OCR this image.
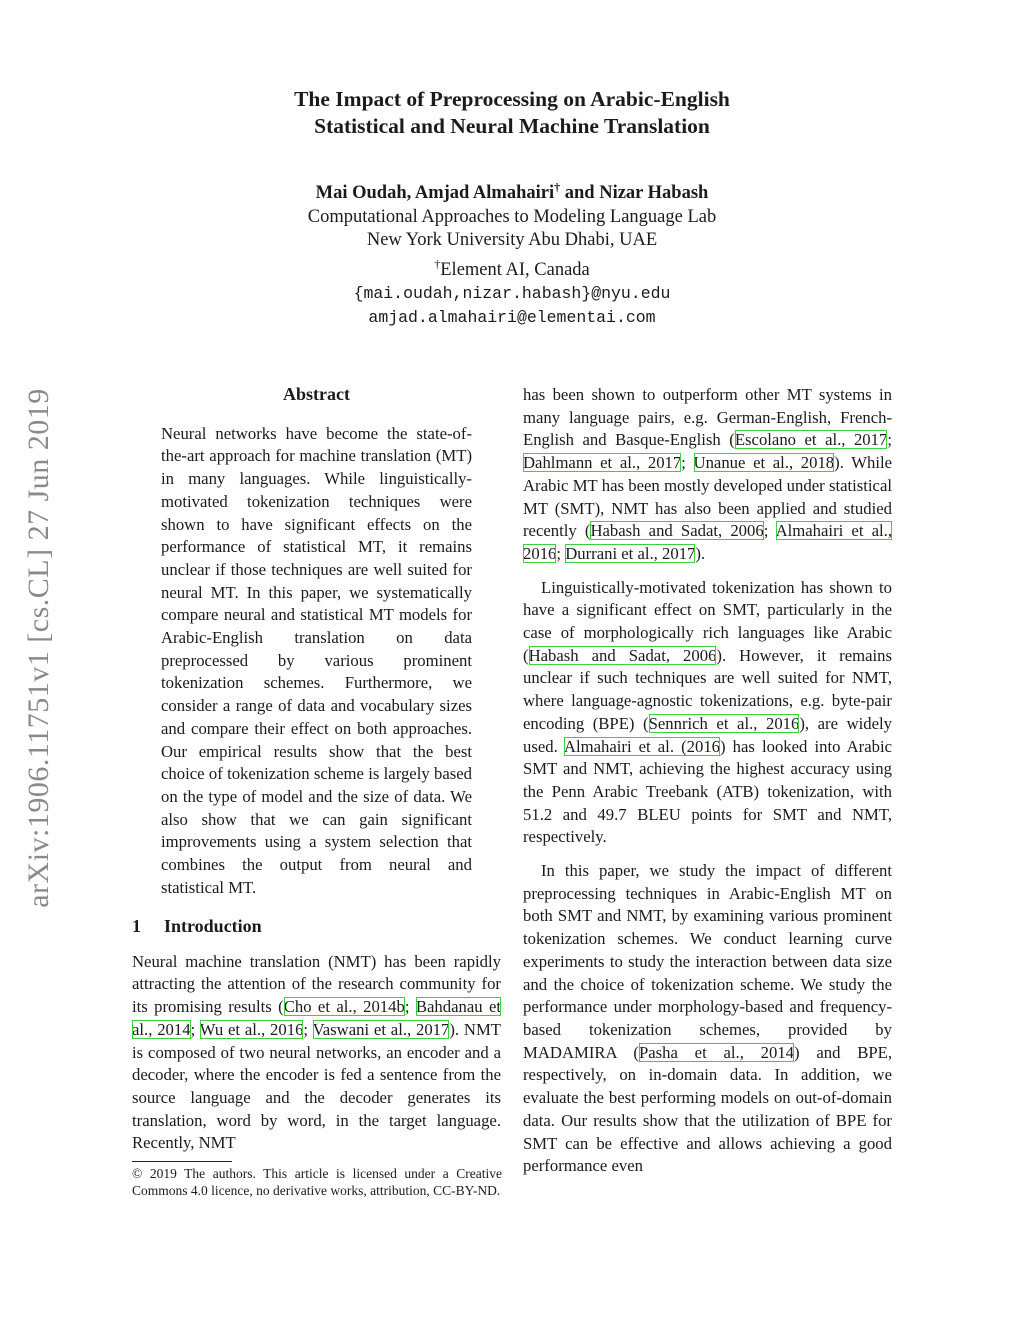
arXiv:1906.11751v1 [cs.CL] 27 Jun 2019
The Impact of Preprocessing on Arabic-English
Statistical and Neural Machine Translation
Mai Oudah, Amjad Almahairi† and Nizar Habash
Computational Approaches to Modeling Language Lab
New York University Abu Dhabi, UAE
†Element AI, Canada
{mai.oudah,nizar.habash}@nyu.edu
amjad.almahairi@elementai.com
Abstract

Neural networks have become the state-of-the-art approach for machine translation (MT) in many languages. While linguistically-motivated tokenization techniques were shown to have significant effects on the performance of statistical MT, it remains unclear if those techniques are well suited for neural MT. In this paper, we systematically compare neural and statistical MT models for Arabic-English translation on data preprocessed by various prominent tokenization schemes. Furthermore, we consider a range of data and vocabulary sizes and compare their effect on both approaches. Our empirical results show that the best choice of tokenization scheme is largely based on the type of model and the size of data. We also show that we can gain significant improvements using a system selection that combines the output from neural and statistical MT.

1 Introduction

Neural machine translation (NMT) has been rapidly attracting the attention of the research community for its promising results (Cho et al., 2014b; Bahdanau et al., 2014; Wu et al., 2016; Vaswani et al., 2017). NMT is composed of two neural networks, an encoder and a decoder, where the encoder is fed a sentence from the source language and the decoder generates its translation, word by word, in the target language. Recently, NMT

© 2019 The authors. This article is licensed under a Creative Commons 4.0 licence, no derivative works, attribution, CC-BY-ND.

has been shown to outperform other MT systems in many language pairs, e.g. German-English, French-English and Basque-English (Escolano et al., 2017; Dahlmann et al., 2017; Unanue et al., 2018). While Arabic MT has been mostly developed under statistical MT (SMT), NMT has also been applied and studied recently (Habash and Sadat, 2006; Almahairi et al., 2016; Durrani et al., 2017).

Linguistically-motivated tokenization has shown to have a significant effect on SMT, particularly in the case of morphologically rich languages like Arabic (Habash and Sadat, 2006). However, it remains unclear if such techniques are well suited for NMT, where language-agnostic tokenizations, e.g. byte-pair encoding (BPE) (Sennrich et al., 2016), are widely used. Almahairi et al. (2016) has looked into Arabic SMT and NMT, achieving the highest accuracy using the Penn Arabic Treebank (ATB) tokenization, with 51.2 and 49.7 BLEU points for SMT and NMT, respectively.

In this paper, we study the impact of different preprocessing techniques in Arabic-English MT on both SMT and NMT, by examining various prominent tokenization schemes. We conduct learning curve experiments to study the interaction between data size and the choice of tokenization scheme. We study the performance under morphology-based and frequency-based tokenization schemes, provided by MADAMIRA (Pasha et al., 2014) and BPE, respectively, on in-domain data. In addition, we evaluate the best performing models on out-of-domain data. Our results show that the utilization of BPE for SMT can be effective and allows achieving a good performance even
